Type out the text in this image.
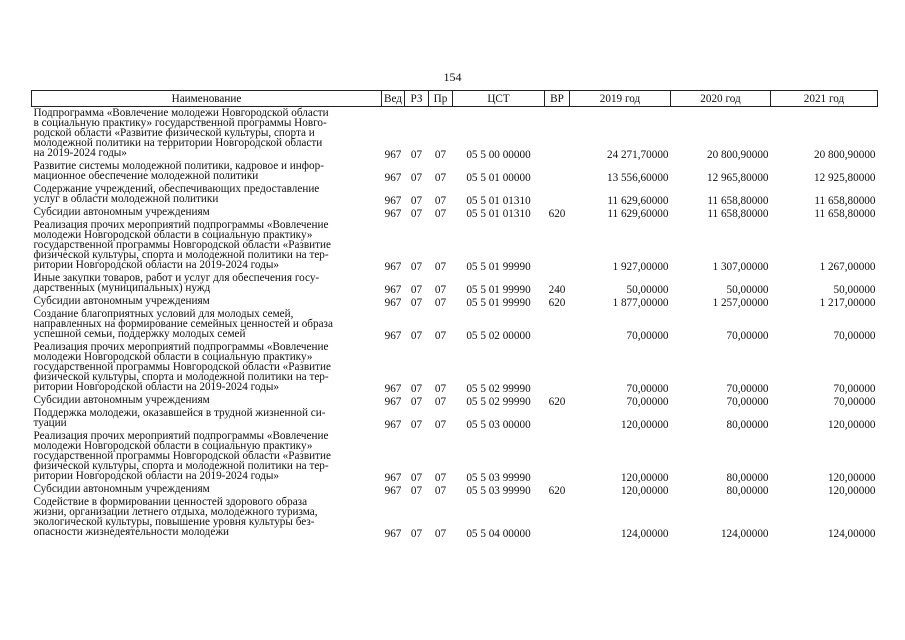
154
Наименование	Вед	РЗ	Пр	ЦСТ	ВР	2019 год	2020 год	2021 год

Подпрограмма «Вовлечение молодежи Новгородской области
в социальную практику» государственной программы Новго-
родской области «Развитие физической культуры, спорта и
молодежной политики на территории Новгородской области
на 2019-2024 годы»	967	07	07	05 5 00 00000		24 271,70000	20 800,90000	20 800,90000

Развитие системы молодежной политики, кадровое и инфор-
мационное обеспечение молодежной политики	967	07	07	05 5 01 00000		13 556,60000	12 965,80000	12 925,80000

Содержание учреждений, обеспечивающих предоставление
услуг в области молодежной политики	967	07	07	05 5 01 01310		11 629,60000	11 658,80000	11 658,80000

Субсидии автономным учреждениям	967	07	07	05 5 01 01310	620	11 629,60000	11 658,80000	11 658,80000

Реализация прочих мероприятий подпрограммы «Вовлечение
молодежи Новгородской области в социальную практику»
государственной программы Новгородской области «Развитие
физической культуры, спорта и молодежной политики на тер-
ритории Новгородской области на 2019-2024 годы»	967	07	07	05 5 01 99990		1 927,00000	1 307,00000	1 267,00000

Иные закупки товаров, работ и услуг для обеспечения госу-
дарственных (муниципальных) нужд	967	07	07	05 5 01 99990	240	50,00000	50,00000	50,00000

Субсидии автономным учреждениям	967	07	07	05 5 01 99990	620	1 877,00000	1 257,00000	1 217,00000

Создание благоприятных условий для молодых семей,
направленных на формирование семейных ценностей и образа
успешной семьи, поддержку молодых семей	967	07	07	05 5 02 00000		70,00000	70,00000	70,00000

Реализация прочих мероприятий подпрограммы «Вовлечение
молодежи Новгородской области в социальную практику»
государственной программы Новгородской области «Развитие
физической культуры, спорта и молодежной политики на тер-
ритории Новгородской области на 2019-2024 годы»	967	07	07	05 5 02 99990		70,00000	70,00000	70,00000

Субсидии автономным учреждениям	967	07	07	05 5 02 99990	620	70,00000	70,00000	70,00000

Поддержка молодежи, оказавшейся в трудной жизненной си-
туации	967	07	07	05 5 03 00000		120,00000	80,00000	120,00000

Реализация прочих мероприятий подпрограммы «Вовлечение
молодежи Новгородской области в социальную практику»
государственной программы Новгородской области «Развитие
физической культуры, спорта и молодежной политики на тер-
ритории Новгородской области на 2019-2024 годы»	967	07	07	05 5 03 99990		120,00000	80,00000	120,00000

Субсидии автономным учреждениям	967	07	07	05 5 03 99990	620	120,00000	80,00000	120,00000

Содействие в формировании ценностей здорового образа
жизни, организации летнего отдыха, молодежного туризма,
экологической культуры, повышение уровня культуры без-
опасности жизнедеятельности молодежи	967	07	07	05 5 04 00000		124,00000	124,00000	124,00000
